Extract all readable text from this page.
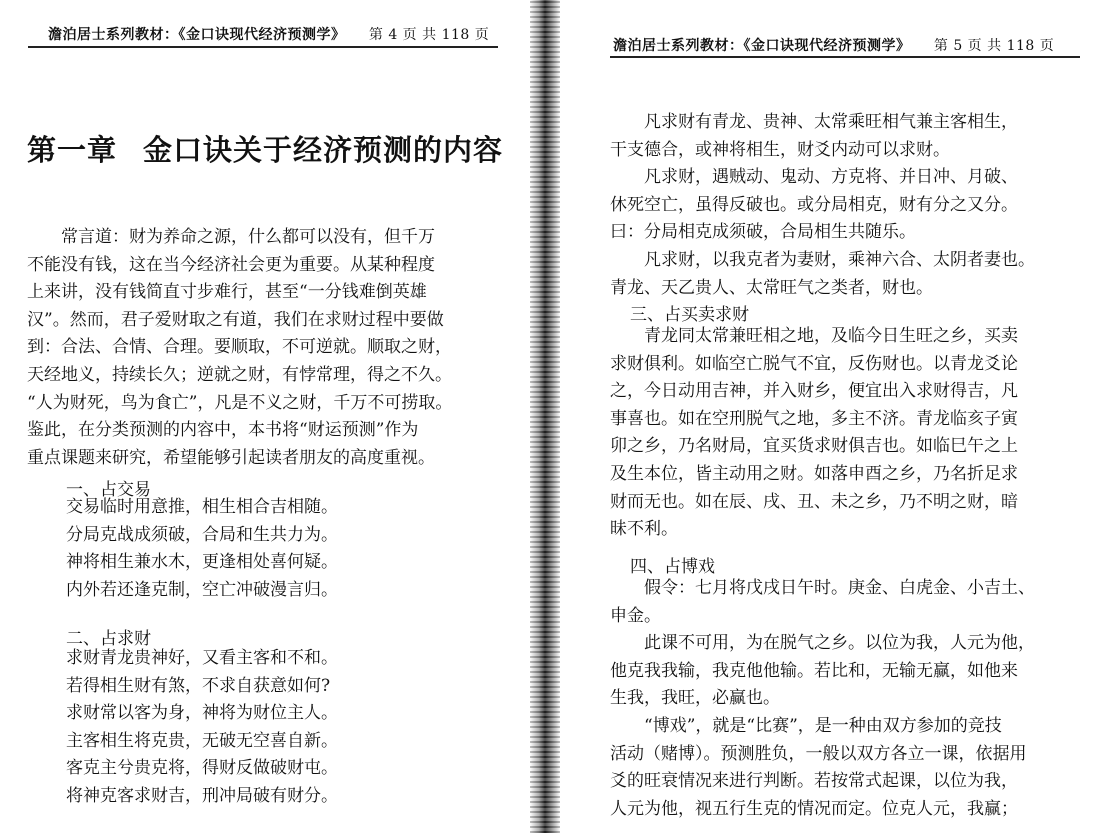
澹泊居士系列教材：《金口诀现代经济预测学》 第 4 页 共 118 页
第一章 金口诀关于经济预测的内容
常言道：财为养命之源，什么都可以没有，但千万
不能没有钱，这在当今经济社会更为重要。从某种程度
上来讲，没有钱简直寸步难行，甚至“一分钱难倒英雄
汉”。然而，君子爱财取之有道，我们在求财过程中要做
到：合法、合情、合理。要顺取，不可逆就。顺取之财，
天经地义，持续长久；逆就之财，有悖常理，得之不久。
“人为财死，鸟为食亡”，凡是不义之财，千万不可捞取。
鉴此，在分类预测的内容中，本书将“财运预测”作为
重点课题来研究，希望能够引起读者朋友的高度重视。
一、占交易
交易临时用意推，相生相合吉相随。
分局克战成须破，合局和生共力为。
神将相生兼水木，更逢相处喜何疑。
内外若还逢克制，空亡冲破漫言归。
二、占求财
求财青龙贵神好，又看主客和不和。
若得相生财有煞，不求自获意如何?
求财常以客为身，神将为财位主人。
主客相生将克贵，无破无空喜自新。
客克主兮贵克将，得财反做破财屯。
将神克客求财吉，刑冲局破有财分。
澹泊居士系列教材：《金口诀现代经济预测学》 第 5 页 共 118 页
凡求财有青龙、贵神、太常乘旺相气兼主客相生，
干支德合，或神将相生，财爻内动可以求财。
凡求财，遇贼动、鬼动、方克将、并日冲、月破、
休死空亡，虽得反破也。或分局相克，财有分之又分。
曰：分局相克成须破，合局相生共随乐。
凡求财，以我克者为妻财，乘神六合、太阴者妻也。
青龙、天乙贵人、太常旺气之类者，财也。
三、占买卖求财
青龙同太常兼旺相之地，及临今日生旺之乡，买卖
求财俱利。如临空亡脱气不宜，反伤财也。以青龙爻论
之，今日动用吉神，并入财乡，便宜出入求财得吉，凡
事喜也。如在空刑脱气之地，多主不济。青龙临亥子寅
卯之乡，乃名财局，宜买货求财俱吉也。如临巳午之上
及生本位，皆主动用之财。如落申酉之乡，乃名折足求
财而无也。如在辰、戌、丑、未之乡，乃不明之财，暗
昧不利。
四、占博戏
假令：七月将戊戌日午时。庚金、白虎金、小吉土、
申金。
此课不可用，为在脱气之乡。以位为我，人元为他，
他克我我输，我克他他输。若比和，无输无赢，如他来
生我，我旺，必赢也。
“博戏”，就是“比赛”，是一种由双方参加的竞技
活动（赌博）。预测胜负，一般以双方各立一课，依据用
爻的旺衰情况来进行判断。若按常式起课，以位为我，
人元为他，视五行生克的情况而定。位克人元，我赢；
